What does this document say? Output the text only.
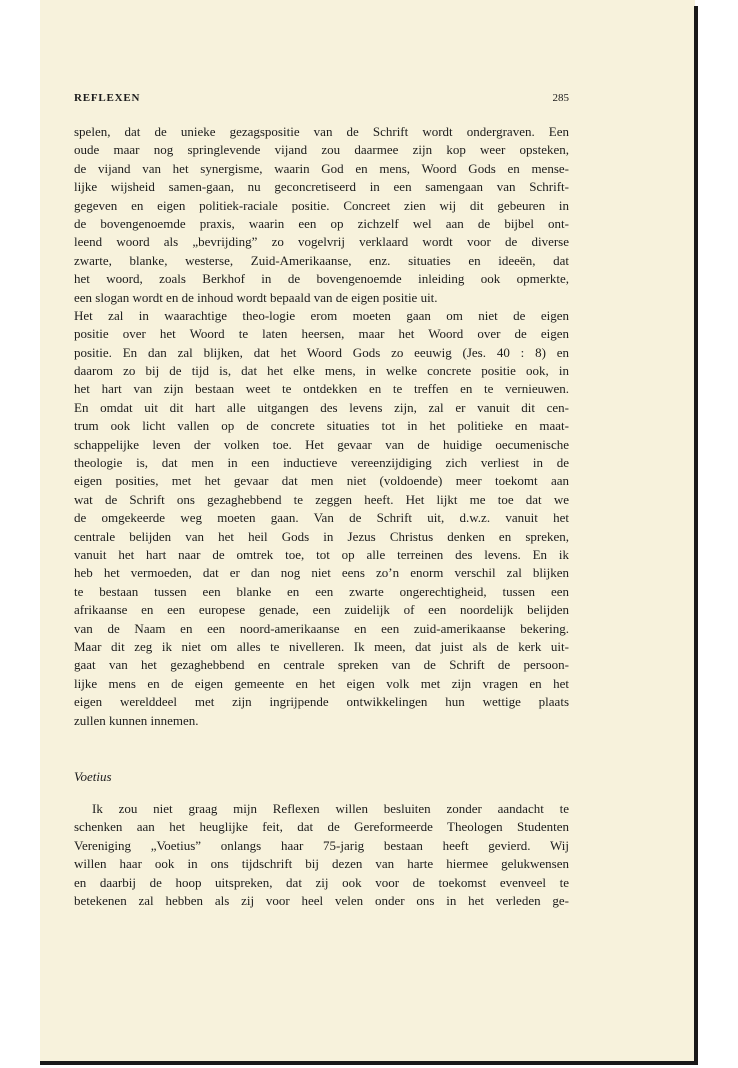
REFLEXEN	285
spelen, dat de unieke gezagspositie van de Schrift wordt ondergraven. Een
oude maar nog springlevende vijand zou daarmee zijn kop weer opsteken,
de vijand van het synergisme, waarin God en mens, Woord Gods en mense-
lijke wijsheid samen-gaan, nu geconcretiseerd in een samengaan van Schrift-
gegeven en eigen politiek-raciale positie. Concreet zien wij dit gebeuren in
de bovengenoemde praxis, waarin een op zichzelf wel aan de bijbel ont-
leend woord als „bevrijding” zo vogelvrij verklaard wordt voor de diverse
zwarte, blanke, westerse, Zuid-Amerikaanse, enz. situaties en ideeën, dat
het woord, zoals Berkhof in de bovengenoemde inleiding ook opmerkte,
een slogan wordt en de inhoud wordt bepaald van de eigen positie uit.
Het zal in waarachtige theo-logie erom moeten gaan om niet de eigen
positie over het Woord te laten heersen, maar het Woord over de eigen
positie. En dan zal blijken, dat het Woord Gods zo eeuwig (Jes. 40 : 8) en
daarom zo bij de tijd is, dat het elke mens, in welke concrete positie ook, in
het hart van zijn bestaan weet te ontdekken en te treffen en te vernieuwen.
En omdat uit dit hart alle uitgangen des levens zijn, zal er vanuit dit cen-
trum ook licht vallen op de concrete situaties tot in het politieke en maat-
schappelijke leven der volken toe. Het gevaar van de huidige oecumenische
theologie is, dat men in een inductieve vereenzijdiging zich verliest in de
eigen posities, met het gevaar dat men niet (voldoende) meer toekomt aan
wat de Schrift ons gezaghebbend te zeggen heeft. Het lijkt me toe dat we
de omgekeerde weg moeten gaan. Van de Schrift uit, d.w.z. vanuit het
centrale belijden van het heil Gods in Jezus Christus denken en spreken,
vanuit het hart naar de omtrek toe, tot op alle terreinen des levens. En ik
heb het vermoeden, dat er dan nog niet eens zo’n enorm verschil zal blijken
te bestaan tussen een blanke en een zwarte ongerechtigheid, tussen een
afrikaanse en een europese genade, een zuidelijk of een noordelijk belijden
van de Naam en een noord-amerikaanse en een zuid-amerikaanse bekering.
Maar dit zeg ik niet om alles te nivelleren. Ik meen, dat juist als de kerk uit-
gaat van het gezaghebbend en centrale spreken van de Schrift de persoon-
lijke mens en de eigen gemeente en het eigen volk met zijn vragen en het
eigen werelddeel met zijn ingrijpende ontwikkelingen hun wettige plaats
zullen kunnen innemen.
Voetius
Ik zou niet graag mijn Reflexen willen besluiten zonder aandacht te
schenken aan het heuglijke feit, dat de Gereformeerde Theologen Studenten
Vereniging „Voetius” onlangs haar 75-jarig bestaan heeft gevierd. Wij
willen haar ook in ons tijdschrift bij dezen van harte hiermee gelukwensen
en daarbij de hoop uitspreken, dat zij ook voor de toekomst evenveel te
betekenen zal hebben als zij voor heel velen onder ons in het verleden ge-
